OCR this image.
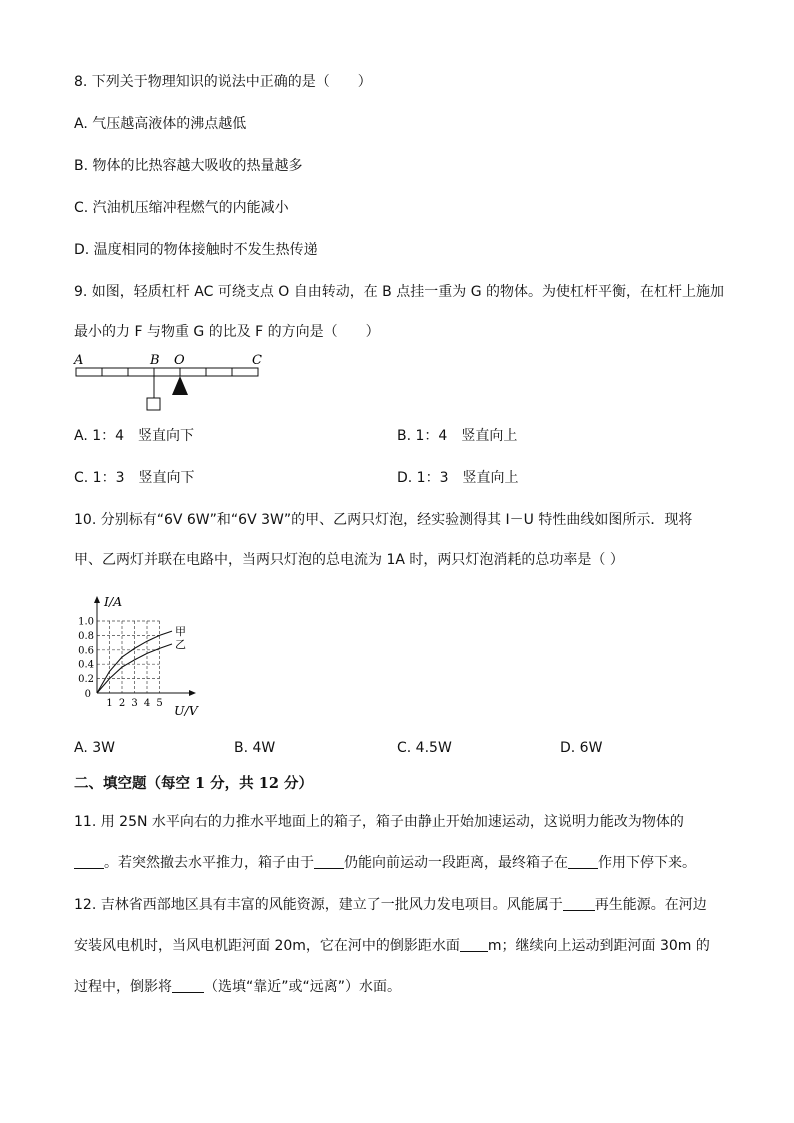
8. 下列关于物理知识的说法中正确的是（　　）
A. 气压越高液体的沸点越低
B. 物体的比热容越大吸收的热量越多
C. 汽油机压缩冲程燃气的内能减小
D. 温度相同的物体接触时不发生热传递
9. 如图，轻质杠杆 AC 可绕支点 O 自由转动，在 B 点挂一重为 G 的物体。为使杠杆平衡，在杠杆上施加
最小的力 F 与物重 G 的比及 F 的方向是（　　）
A	B O	C
A. 1：4　竖直向下	B. 1：4　竖直向上
C. 1：3　竖直向下	D. 1：3　竖直向上
10. 分别标有“6V 6W”和“6V 3W”的甲、乙两只灯泡，经实验测得其 I－U 特性曲线如图所示．现将
甲、乙两灯并联在电路中，当两只灯泡的总电流为 1A 时，两只灯泡消耗的总功率是（ ）
1 2 3 4 5
1.0
0.8
0.6
0.4
0.2
0
U/V
I/A
甲
乙
A. 3W	B. 4W	C. 4.5W	D. 6W
二、填空题（每空 1 分，共 12 分）
11. 用 25N 水平向右的力推水平地面上的箱子，箱子由静止开始加速运动，这说明力能改为物体的
。若突然撤去水平推力，箱子由于 仍能向前运动一段距离，最终箱子在 作用下停下来。
12. 吉林省西部地区具有丰富的风能资源，建立了一批风力发电项目。风能属于 再生能源。在河边
安装风电机时，当风电机距河面 20m，它在河中的倒影距水面 m；继续向上运动到距河面 30m 的
过程中，倒影将 （选填“靠近”或“远离”）水面。
